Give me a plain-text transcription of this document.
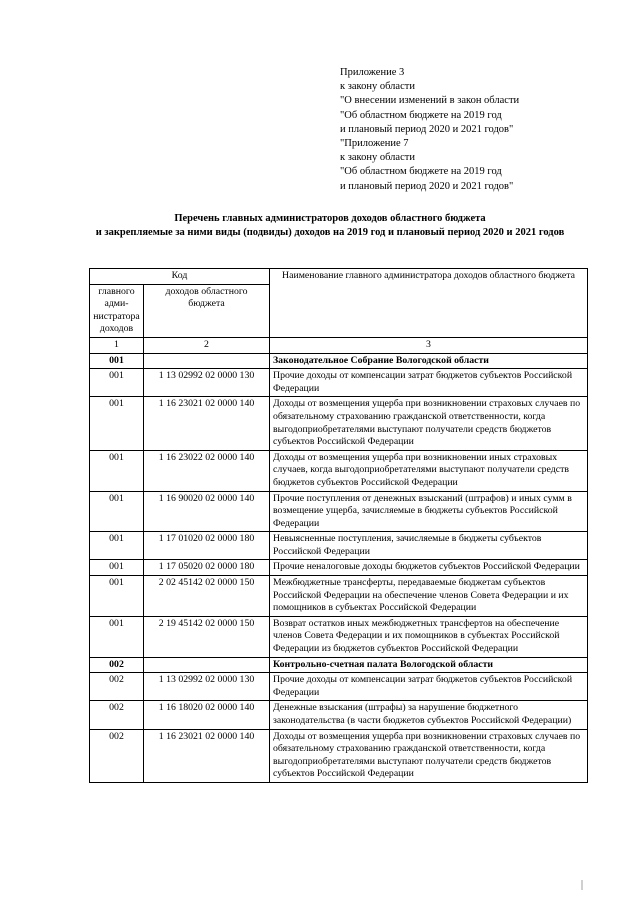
Приложение 3
к закону области
"О внесении изменений в закон области
"Об областном бюджете на 2019 год
и плановый период 2020 и 2021 годов"
"Приложение 7
к закону области
"Об областном бюджете на 2019 год
и плановый период 2020 и 2021 годов"
Перечень главных администраторов доходов областного бюджета
и закрепляемые за ними виды (подвиды) доходов на 2019 год и плановый период 2020 и 2021 годов
Код		Наименование главного администратора доходов областного бюджета
главного адми-нистратора доходов	доходов областного бюджета	
1	2	3
001		Законодательное Собрание Вологодской области
001	1 13 02992 02 0000 130	Прочие доходы от компенсации затрат бюджетов субъектов Российской Федерации
001	1 16 23021 02 0000 140	Доходы от возмещения ущерба при возникновении страховых случаев по обязательному страхованию гражданской ответственности, когда выгодоприобретателями выступают получатели средств бюджетов субъектов Российской Федерации
001	1 16 23022 02 0000 140	Доходы от возмещения ущерба при возникновении иных страховых случаев, когда выгодоприобретателями выступают получатели средств бюджетов субъектов Российской Федерации
001	1 16 90020 02 0000 140	Прочие поступления от денежных взысканий (штрафов) и иных сумм в возмещение ущерба, зачисляемые в бюджеты субъектов Российской Федерации
001	1 17 01020 02 0000 180	Невыясненные поступления, зачисляемые в бюджеты субъектов Российской Федерации
001	1 17 05020 02 0000 180	Прочие неналоговые доходы бюджетов субъектов Российской Федерации
001	2 02 45142 02 0000 150	Межбюджетные трансферты, передаваемые бюджетам субъектов Российской Федерации на обеспечение членов Совета Федерации и их помощников в субъектах Российской Федерации
001	2 19 45142 02 0000 150	Возврат остатков иных межбюджетных трансфертов на обеспечение членов Совета Федерации и их помощников в субъектах Российской Федерации из бюджетов субъектов Российской Федерации
002		Контрольно-счетная палата Вологодской области
002	1 13 02992 02 0000 130	Прочие доходы от компенсации затрат бюджетов субъектов Российской Федерации
002	1 16 18020 02 0000 140	Денежные взыскания (штрафы) за нарушение бюджетного законодательства (в части бюджетов субъектов Российской Федерации)
002	1 16 23021 02 0000 140	Доходы от возмещения ущерба при возникновении страховых случаев по обязательному страхованию гражданской ответственности, когда выгодоприобретателями выступают получатели средств бюджетов субъектов Российской Федерации
